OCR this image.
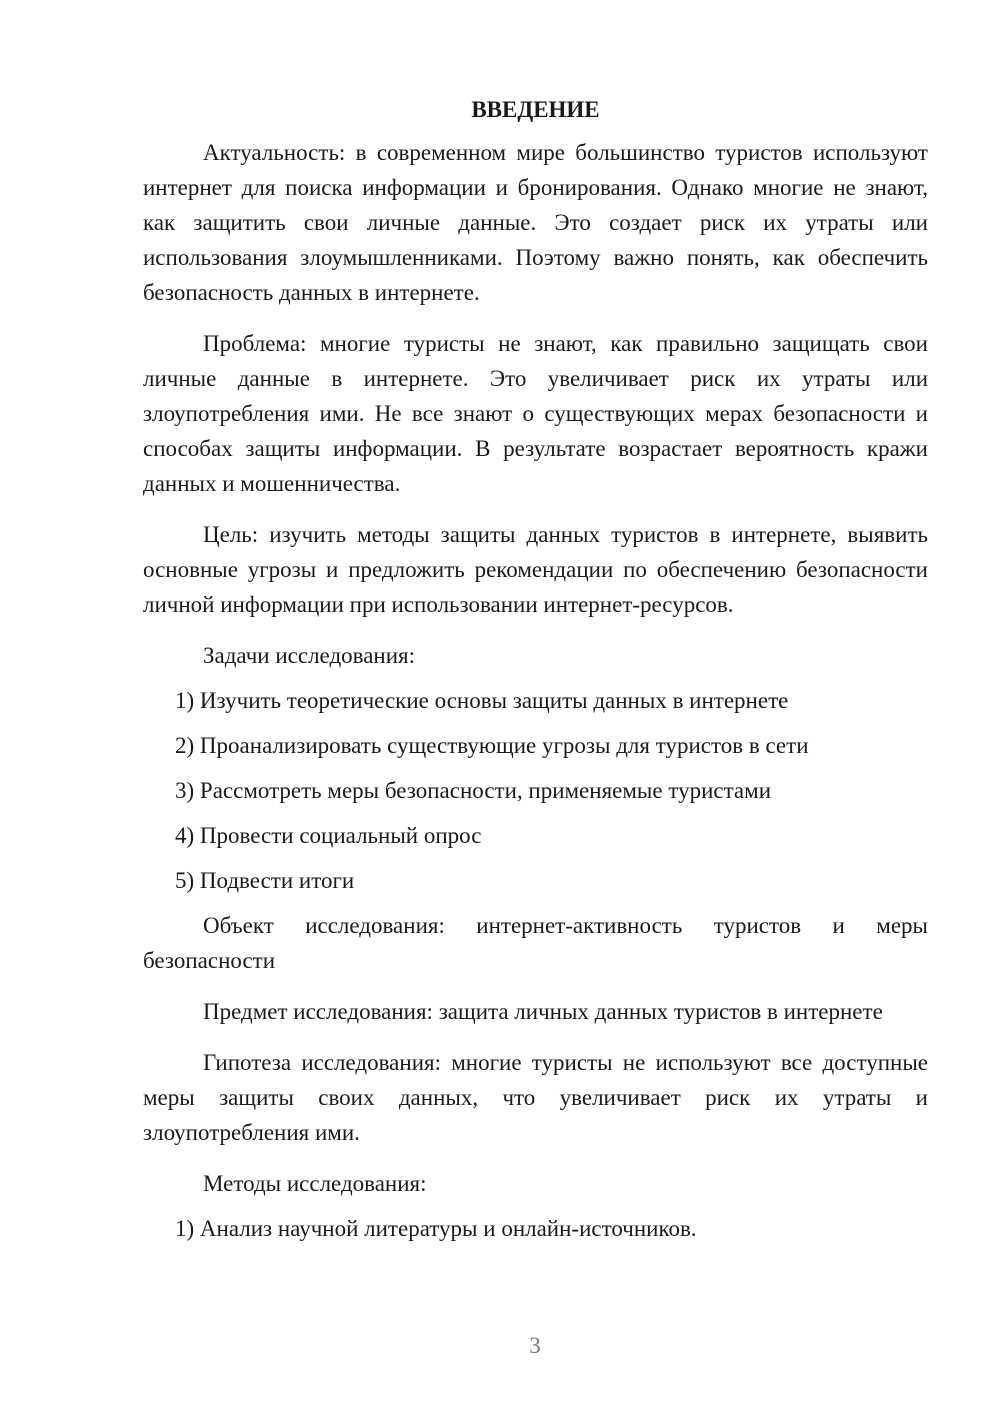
ВВЕДЕНИЕ

Актуальность: в современном мире большинство туристов используют интернет для поиска информации и бронирования. Однако многие не знают, как защитить свои личные данные. Это создает риск их утраты или использования злоумышленниками. Поэтому важно понять, как обеспечить безопасность данных в интернете.

Проблема: многие туристы не знают, как правильно защищать свои личные данные в интернете. Это увеличивает риск их утраты или злоупотребления ими. Не все знают о существующих мерах безопасности и способах защиты информации. В результате возрастает вероятность кражи данных и мошенничества.

Цель: изучить методы защиты данных туристов в интернете, выявить основные угрозы и предложить рекомендации по обеспечению безопасности личной информации при использовании интернет-ресурсов.

Задачи исследования:

1) Изучить теоретические основы защиты данных в интернете
2) Проанализировать существующие угрозы для туристов в сети
3) Рассмотреть меры безопасности, применяемые туристами
4) Провести социальный опрос
5) Подвести итоги

Объект исследования: интернет-активность туристов и меры безопасности

Предмет исследования: защита личных данных туристов в интернете

Гипотеза исследования: многие туристы не используют все доступные меры защиты своих данных, что увеличивает риск их утраты и злоупотребления ими.

Методы исследования:

1) Анализ научной литературы и онлайн-источников.
3
